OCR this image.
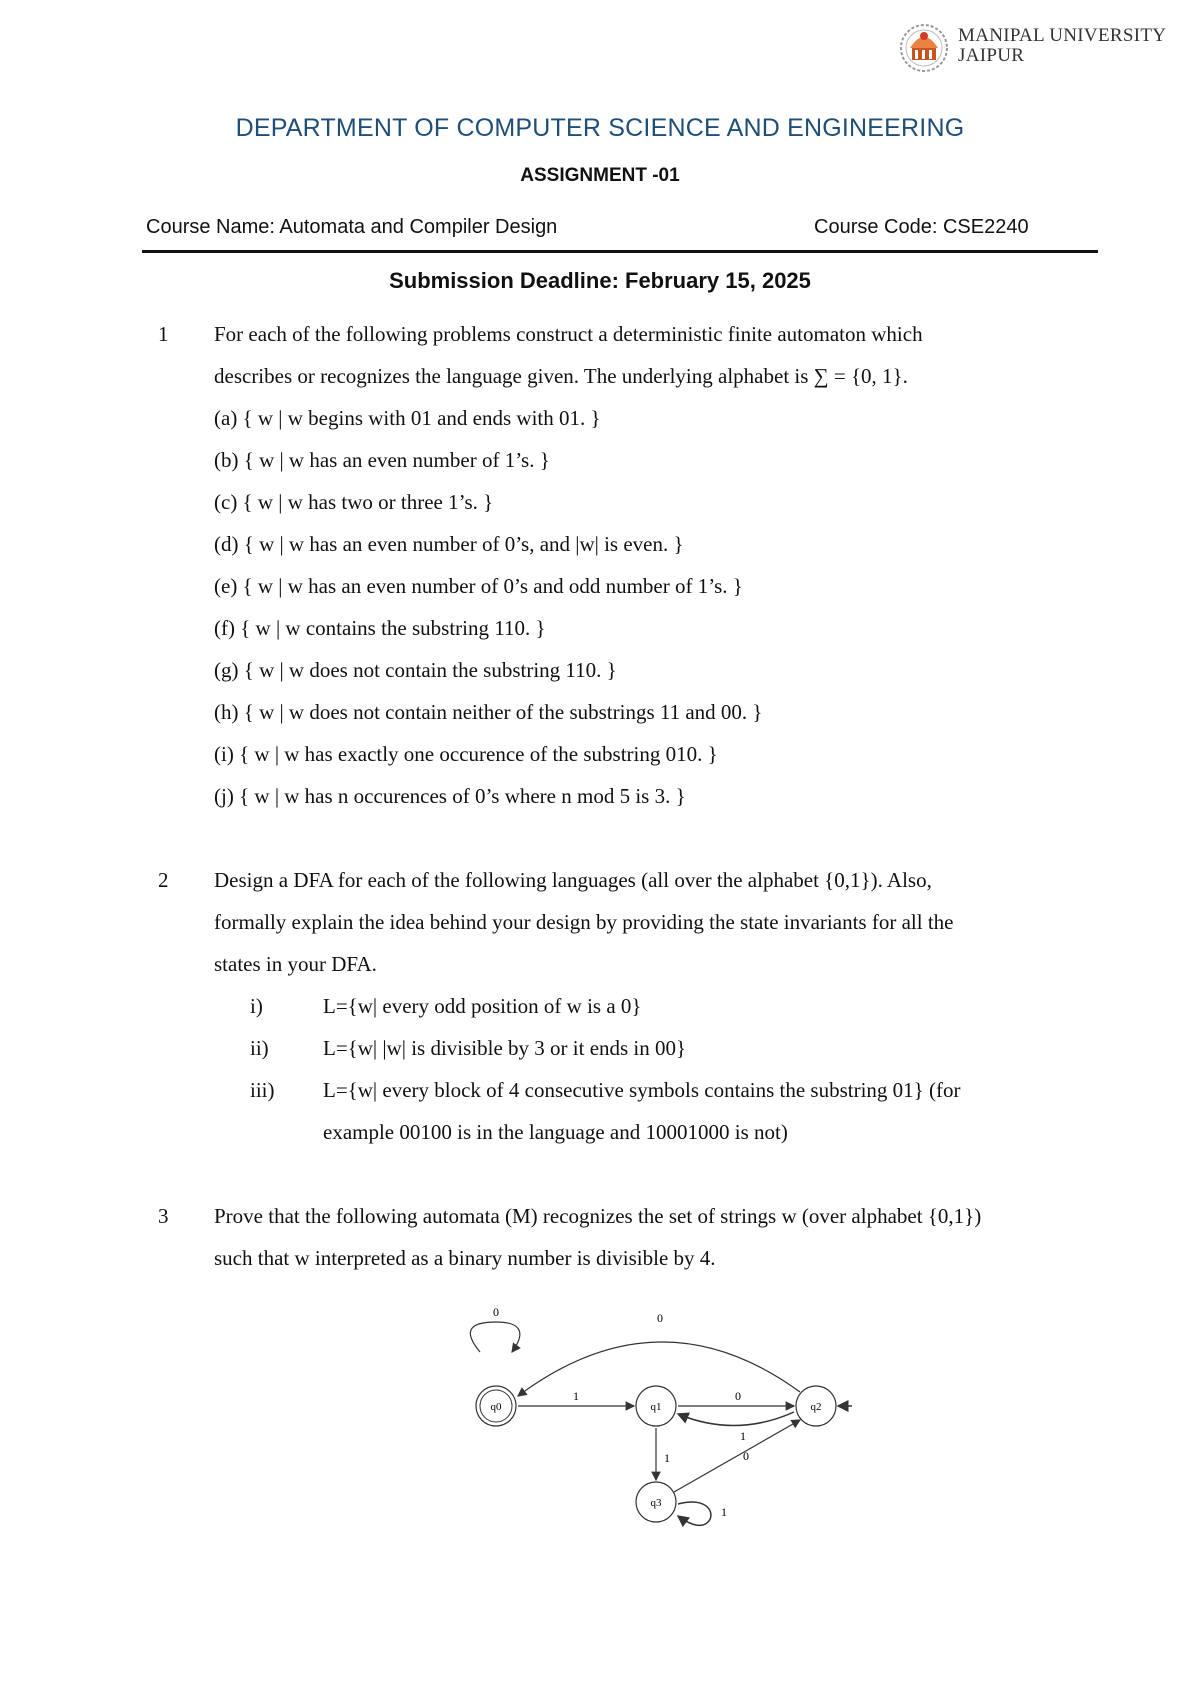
MANIPAL UNIVERSITY
JAIPUR
DEPARTMENT OF COMPUTER SCIENCE AND ENGINEERING
ASSIGNMENT -01
Course Name: Automata and Compiler Design	Course Code: CSE2240
Submission Deadline: February 15, 2025
1 For each of the following problems construct a deterministic finite automaton which
describes or recognizes the language given. The underlying alphabet is ∑ = {0, 1}.
(a) { w | w begins with 01 and ends with 01. }
(b) { w | w has an even number of 1’s. }
(c) { w | w has two or three 1’s. }
(d) { w | w has an even number of 0’s, and |w| is even. }
(e) { w | w has an even number of 0’s and odd number of 1’s. }
(f) { w | w contains the substring 110. }
(g) { w | w does not contain the substring 110. }
(h) { w | w does not contain neither of the substrings 11 and 00. }
(i) { w | w has exactly one occurence of the substring 010. }
(j) { w | w has n occurences of 0’s where n mod 5 is 3. }
2 Design a DFA for each of the following languages (all over the alphabet {0,1}). Also,
formally explain the idea behind your design by providing the state invariants for all the
states in your DFA.
i)	L={w| every odd position of w is a 0}
ii)	L={w| |w| is divisible by 3 or it ends in 00}
iii) L={w| every block of 4 consecutive symbols contains the substring 01} (for
example 00100 is in the language and 10001000 is not)
3 Prove that the following automata (M) recognizes the set of strings w (over alphabet {0,1})
such that w interpreted as a binary number is divisible by 4.
q0	q1	q2
q3
0
1	0
1
1	0
1
0
